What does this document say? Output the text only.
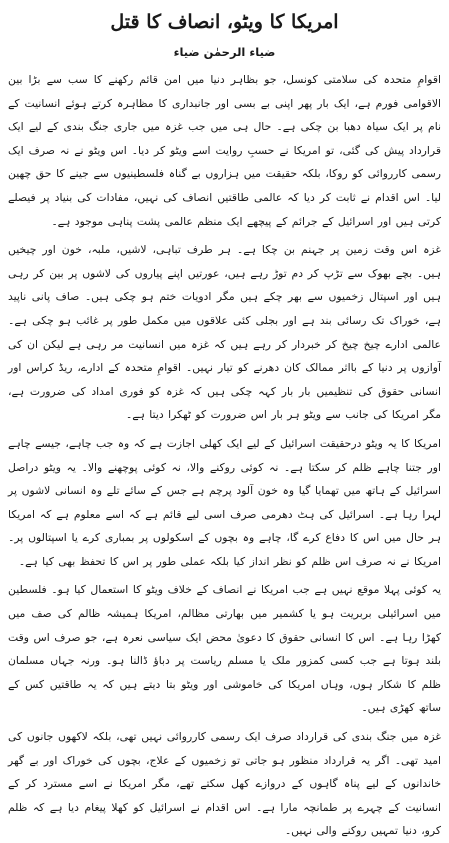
امریکا کا ویٹو، انصاف کا قتل
ضیاء الرحمٰن ضیاء

اقوامِ متحدہ کی سلامتی کونسل، جو بظاہر دنیا میں امن قائم رکھنے کا سب سے بڑا بین الاقوامی فورم ہے، ایک بار پھر اپنی بے بسی اور جانبداری کا مظاہرہ کرتے ہوئے انسانیت کے نام پر ایک سیاہ دھبا بن چکی ہے۔ حال ہی میں جب غزہ میں جاری جنگ بندی کے لیے ایک قرارداد پیش کی گئی، تو امریکا نے حسبِ روایت اسے ویٹو کر دیا۔ اس ویٹو نے نہ صرف ایک رسمی کارروائی کو روکا، بلکہ حقیقت میں ہزاروں بے گناہ فلسطینیوں سے جینے کا حق چھین لیا۔ اس اقدام نے ثابت کر دیا کہ عالمی طاقتیں انصاف کی نہیں، مفادات کی بنیاد پر فیصلے کرتی ہیں اور اسرائیل کے جرائم کے پیچھے ایک منظم عالمی پشت پناہی موجود ہے۔

غزہ اس وقت زمین پر جہنم بن چکا ہے۔ ہر طرف تباہی، لاشیں، ملبہ، خون اور چیخیں ہیں۔ بچے بھوک سے تڑپ کر دم توڑ رہے ہیں، عورتیں اپنے پیاروں کی لاشوں پر بین کر رہی ہیں اور اسپتال زخمیوں سے بھر چکے ہیں مگر ادویات ختم ہو چکی ہیں۔ صاف پانی ناپید ہے، خوراک تک رسائی بند ہے اور بجلی کئی علاقوں میں مکمل طور پر غائب ہو چکی ہے۔ عالمی ادارے چیخ چیخ کر خبردار کر رہے ہیں کہ غزہ میں انسانیت مر رہی ہے لیکن ان کی آوازوں پر دنیا کے بااثر ممالک کان دھرنے کو تیار نہیں۔ اقوامِ متحدہ کے ادارے، ریڈ کراس اور انسانی حقوق کی تنظیمیں بار بار کہہ چکی ہیں کہ غزہ کو فوری امداد کی ضرورت ہے، مگر امریکا کی جانب سے ویٹو ہر بار اس ضرورت کو ٹھکرا دیتا ہے۔

امریکا کا یہ ویٹو درحقیقت اسرائیل کے لیے ایک کھلی اجازت ہے کہ وہ جب چاہے، جیسے چاہے اور جتنا چاہے ظلم کر سکتا ہے۔ نہ کوئی روکنے والا، نہ کوئی پوچھنے والا۔ یہ ویٹو دراصل اسرائیل کے ہاتھ میں تھمایا گیا وہ خون آلود پرچم ہے جس کے سائے تلے وہ انسانی لاشوں پر لہرا رہا ہے۔ اسرائیل کی ہٹ دھرمی صرف اسی لیے قائم ہے کہ اسے معلوم ہے کہ امریکا ہر حال میں اس کا دفاع کرے گا، چاہے وہ بچوں کے اسکولوں پر بمباری کرے یا اسپتالوں پر۔ امریکا نے نہ صرف اس ظلم کو نظر انداز کیا بلکہ عملی طور پر اس کا تحفظ بھی کیا ہے۔

یہ کوئی پہلا موقع نہیں ہے جب امریکا نے انصاف کے خلاف ویٹو کا استعمال کیا ہو۔ فلسطین میں اسرائیلی بربریت ہو یا کشمیر میں بھارتی مظالم، امریکا ہمیشہ ظالم کی صف میں کھڑا رہا ہے۔ اس کا انسانی حقوق کا دعویٰ محض ایک سیاسی نعرہ ہے، جو صرف اس وقت بلند ہوتا ہے جب کسی کمزور ملک یا مسلم ریاست پر دباؤ ڈالنا ہو۔ ورنہ جہاں مسلمان ظلم کا شکار ہوں، وہاں امریکا کی خاموشی اور ویٹو بتا دیتے ہیں کہ یہ طاقتیں کس کے ساتھ کھڑی ہیں۔

غزہ میں جنگ بندی کی قرارداد صرف ایک رسمی کارروائی نہیں تھی، بلکہ لاکھوں جانوں کی امید تھی۔ اگر یہ قرارداد منظور ہو جاتی تو زخمیوں کے علاج، بچوں کی خوراک اور بے گھر خاندانوں کے لیے پناہ گاہوں کے دروازے کھل سکتے تھے، مگر امریکا نے اسے مسترد کر کے انسانیت کے چہرے پر طمانچہ مارا ہے۔ اس اقدام نے اسرائیل کو کھلا پیغام دیا ہے کہ ظلم کرو، دنیا تمہیں روکنے والی نہیں۔
